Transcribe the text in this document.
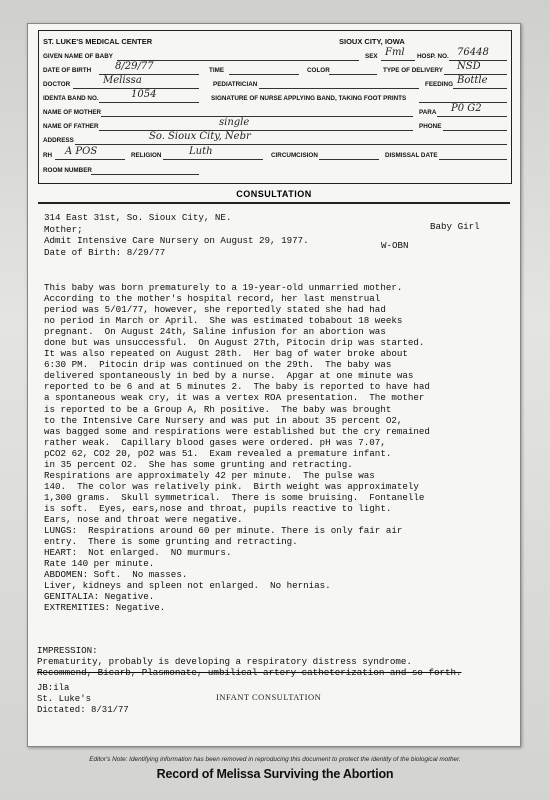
ST. LUKE'S MEDICAL CENTER	SIOUX CITY, IOWA
GIVEN NAME OF BABY	SEX Fml HOSP. NO. 76448
DATE OF BIRTH 8/29/77	TIME	COLOR	TYPE OF DELIVERY NSD
DOCTOR	Melissa	PEDIATRICIAN	FEEDING Bottle
IDENTA BAND NO.	1054	SIGNATURE OF NURSE APPLYING BAND, TAKING FOOT PRINTS
NAME OF MOTHER	PARA P0 G2
NAME OF FATHER	single	PHONE
ADDRESS	So. Sioux City, Nebr
RH A POS	RELIGION	Luth	CIRCUMCISION	DISMISSAL DATE
ROOM NUMBER
CONSULTATION
314 East 31st, So. Sioux City, NE.
Mother;
Admit Intensive Care Nursery on August 29, 1977.
Date of Birth: 8/29/77
Baby Girl
W-OBN
This baby was born prematurely to a 19-year-old unmarried mother.
According to the mother's hospital record, her last menstrual
period was 5/01/77, however, she reportedly stated she had had
no period in March or April.  She was estimated tobabout 18 weeks
pregnant.  On August 24th, Saline infusion for an abortion was
done but was unsuccessful.  On August 27th, Pitocin drip was started.
It was also repeated on August 28th.  Her bag of water broke about
6:30 PM.  Pitocin drip was continued on the 29th.  The baby was
delivered spontaneously in bed by a nurse.  Apgar at one minute was
reported to be 6 and at 5 minutes 2.  The baby is reported to have had
a spontaneous weak cry, it was a vertex ROA presentation.  The mother
is reported to be a Group A, Rh positive.  The baby was brought
to the Intensive Care Nursery and was put in about 35 percent O2,
was bagged some and respirations were established but the cry remained
rather weak.  Capillary blood gases were ordered. pH was 7.07,
pCO2 62, CO2 20, pO2 was 51.  Exam revealed a premature infant.
in 35 percent O2.  She has some grunting and retracting.
Respirations are approximately 42 per minute.  The pulse was
140.  The color was relatively pink.  Birth weight was approximately
1,300 grams.  Skull symmetrical.  There is some bruising.  Fontanelle
is soft.  Eyes, ears,nose and throat, pupils reactive to light.
Ears, nose and throat were negative.
LUNGS:  Respirations around 60 per minute. There is only fair air
entry.  There is some grunting and retracting.
HEART:  Not enlarged.  NO murmurs.
Rate 140 per minute.
ABDOMEN: Soft.  No masses.
Liver, kidneys and spleen not enlarged.  No hernias.
GENITALIA: Negative.
EXTREMITIES: Negative.
IMPRESSION:
Prematurity, probably is developing a respiratory distress syndrome.
Recommend, Bicarb, Plasmonate, umbilical artery catheterization and so forth.
JB:ila
St. Luke's
Dictated: 8/31/77
INFANT CONSULTATION
Editor's Note: Identifying information has been removed in reproducing this document to protect the identity of the biological mother.
Record of Melissa Surviving the Abortion
